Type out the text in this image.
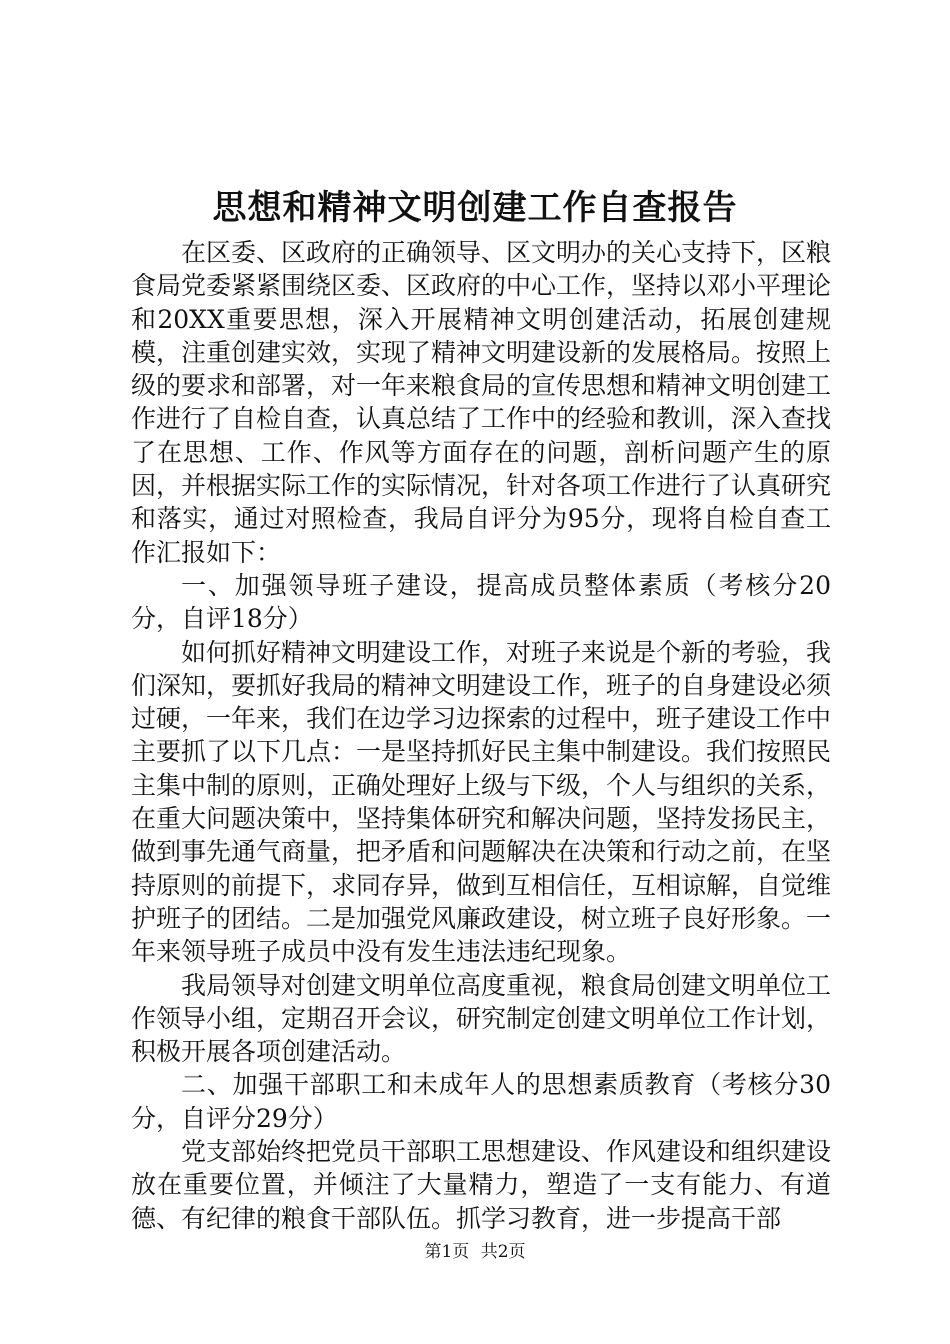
思想和精神文明创建工作自查报告

在区委、区政府的正确领导、区文明办的关心支持下，区粮食局党委紧紧围绕区委、区政府的中心工作，坚持以邓小平理论和20XX重要思想，深入开展精神文明创建活动，拓展创建规模，注重创建实效，实现了精神文明建设新的发展格局。按照上级的要求和部署，对一年来粮食局的宣传思想和精神文明创建工作进行了自检自查，认真总结了工作中的经验和教训，深入查找了在思想、工作、作风等方面存在的问题，剖析问题产生的原因，并根据实际工作的实际情况，针对各项工作进行了认真研究和落实，通过对照检查，我局自评分为95分，现将自检自查工作汇报如下：

一、加强领导班子建设，提高成员整体素质（考核分20分，自评18分）

如何抓好精神文明建设工作，对班子来说是个新的考验，我们深知，要抓好我局的精神文明建设工作，班子的自身建设必须过硬，一年来，我们在边学习边探索的过程中，班子建设工作中主要抓了以下几点：一是坚持抓好民主集中制建设。我们按照民主集中制的原则，正确处理好上级与下级，个人与组织的关系，在重大问题决策中，坚持集体研究和解决问题，坚持发扬民主，做到事先通气商量，把矛盾和问题解决在决策和行动之前，在坚持原则的前提下，求同存异，做到互相信任，互相谅解，自觉维护班子的团结。二是加强党风廉政建设，树立班子良好形象。一年来领导班子成员中没有发生违法违纪现象。

我局领导对创建文明单位高度重视，粮食局创建文明单位工作领导小组，定期召开会议，研究制定创建文明单位工作计划，积极开展各项创建活动。

二、加强干部职工和未成年人的思想素质教育（考核分30分，自评分29分）

党支部始终把党员干部职工思想建设、作风建设和组织建设放在重要位置，并倾注了大量精力，塑造了一支有能力、有道德、有纪律的粮食干部队伍。抓学习教育，进一步提高干部

第1页 共2页
